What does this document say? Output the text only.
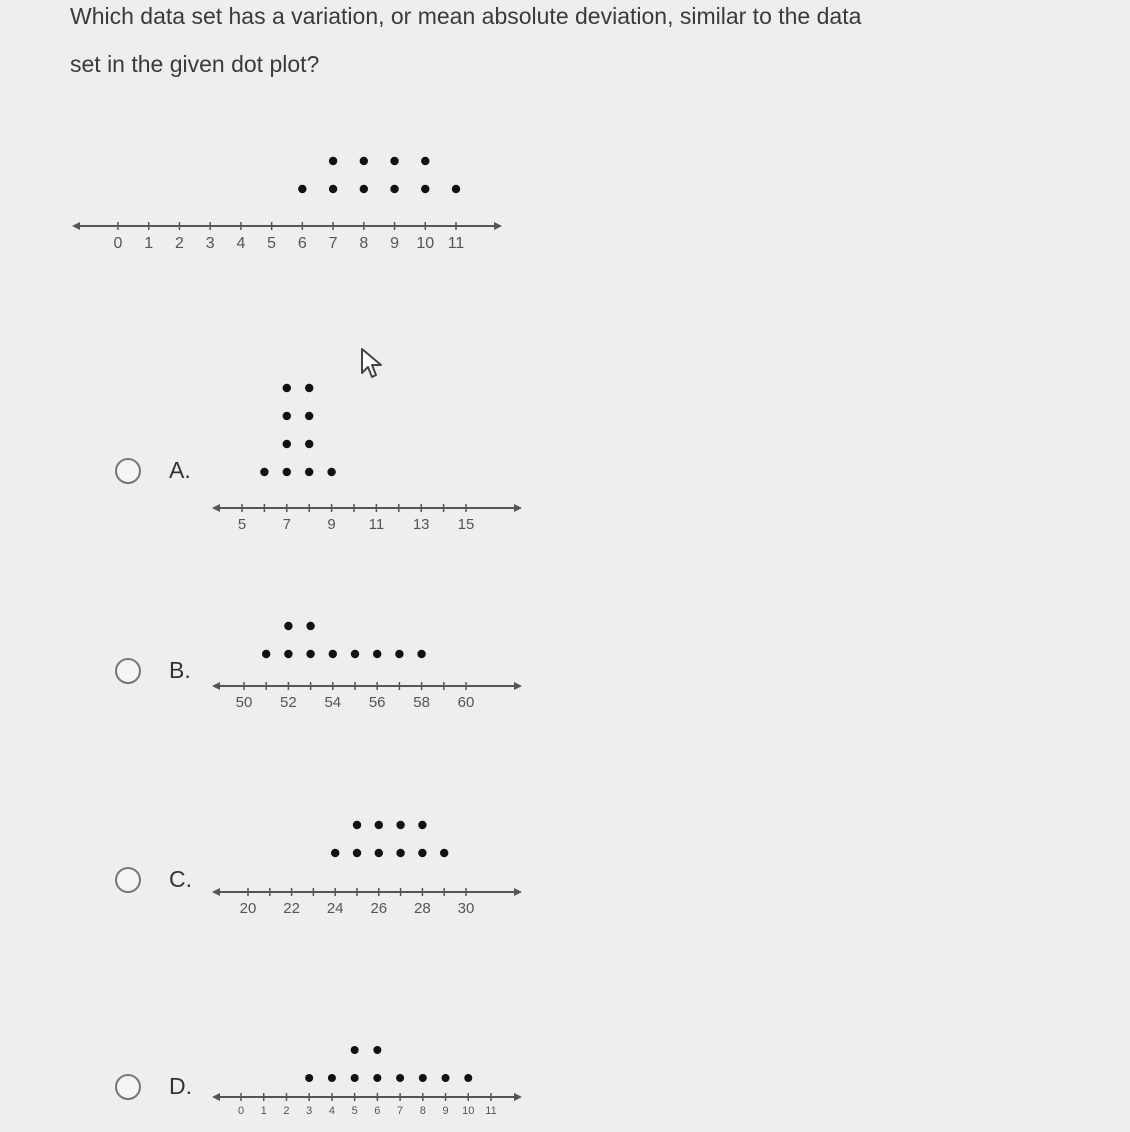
Which data set has a variation, or mean absolute deviation, similar to the data

set in the given dot plot?

0 1 2 3 4 5 6 7 8 9 10 11
A.
5 7 9 11 13 15
B.
50 52 54 56 58 60
C.
20 22 24 26 28 30
D.
0 1 2 3 4 5 6 7 8 9 10 11
